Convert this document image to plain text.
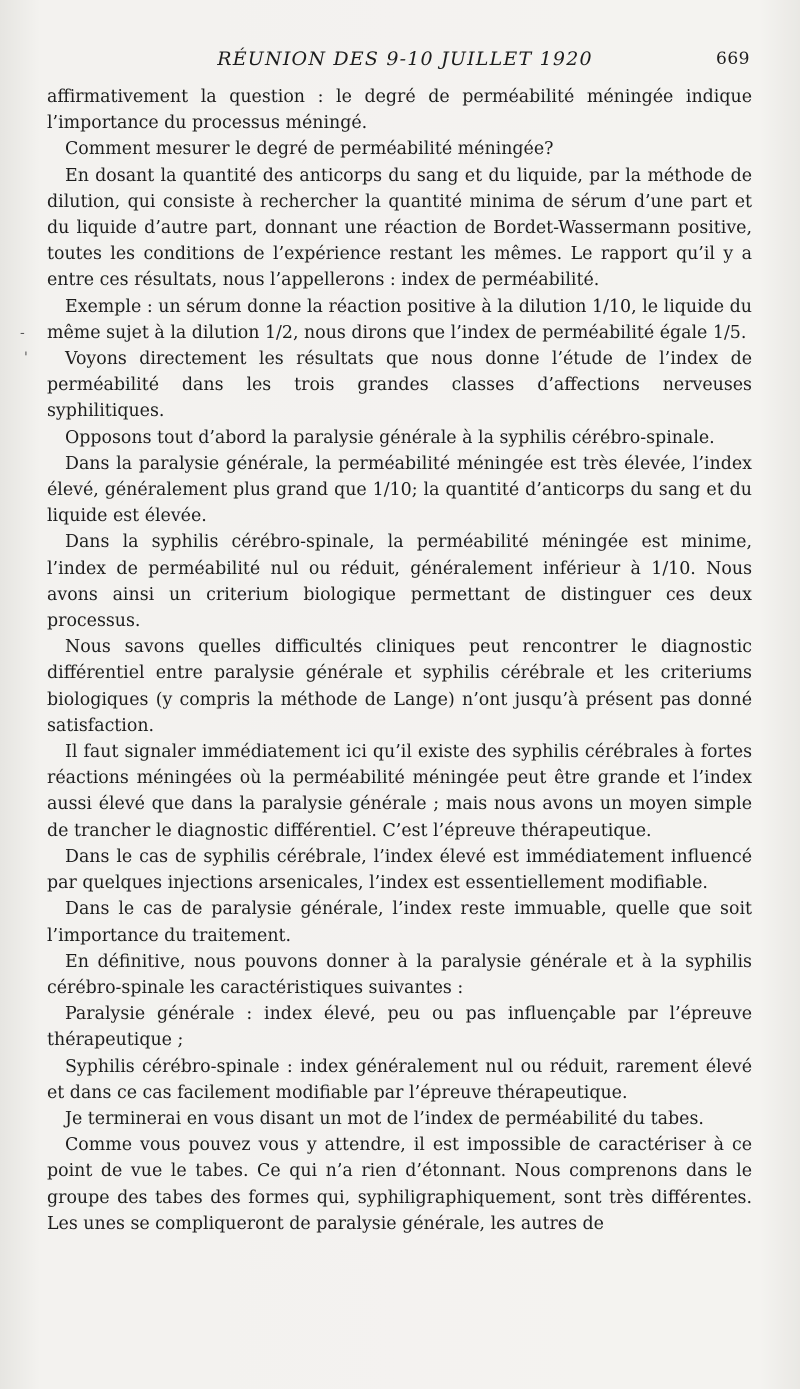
RÉUNION DES 9-10 JUILLET 1920	669

affirmativement la question : le degré de perméabilité méningée indique l’importance du processus méningé.

Comment mesurer le degré de perméabilité méningée?

En dosant la quantité des anticorps du sang et du liquide, par la méthode de dilution, qui consiste à rechercher la quantité minima de sérum d’une part et du liquide d’autre part, donnant une réaction de Bordet-Wassermann positive, toutes les conditions de l’expérience restant les mêmes. Le rapport qu’il y a entre ces résultats, nous l’appellerons : index de perméabilité.

Exemple : un sérum donne la réaction positive à la dilution 1/10, le liquide du même sujet à la dilution 1/2, nous dirons que l’index de perméabilité égale 1/5.

Voyons directement les résultats que nous donne l’étude de l’index de perméabilité dans les trois grandes classes d’affections nerveuses syphilitiques.

Opposons tout d’abord la paralysie générale à la syphilis cérébro-spinale.

Dans la paralysie générale, la perméabilité méningée est très élevée, l’index élevé, généralement plus grand que 1/10; la quantité d’anticorps du sang et du liquide est élevée.

Dans la syphilis cérébro-spinale, la perméabilité méningée est minime, l’index de perméabilité nul ou réduit, généralement inférieur à 1/10. Nous avons ainsi un criterium biologique permettant de distinguer ces deux processus.

Nous savons quelles difficultés cliniques peut rencontrer le diagnostic différentiel entre paralysie générale et syphilis cérébrale et les criteriums biologiques (y compris la méthode de Lange) n’ont jusqu’à présent pas donné satisfaction.

Il faut signaler immédiatement ici qu’il existe des syphilis cérébrales à fortes réactions méningées où la perméabilité méningée peut être grande et l’index aussi élevé que dans la paralysie générale ; mais nous avons un moyen simple de trancher le diagnostic différentiel. C’est l’épreuve thérapeutique.

Dans le cas de syphilis cérébrale, l’index élevé est immédiatement influencé par quelques injections arsenicales, l’index est essentiellement modifiable.

Dans le cas de paralysie générale, l’index reste immuable, quelle que soit l’importance du traitement.

En définitive, nous pouvons donner à la paralysie générale et à la syphilis cérébro-spinale les caractéristiques suivantes :

Paralysie générale : index élevé, peu ou pas influençable par l’épreuve thérapeutique ;

Syphilis cérébro-spinale : index généralement nul ou réduit, rarement élevé et dans ce cas facilement modifiable par l’épreuve thérapeutique.

Je terminerai en vous disant un mot de l’index de perméabilité du tabes.

Comme vous pouvez vous y attendre, il est impossible de caractériser à ce point de vue le tabes. Ce qui n’a rien d’étonnant. Nous comprenons dans le groupe des tabes des formes qui, syphiligraphiquement, sont très différentes. Les unes se compliqueront de paralysie générale, les autres de

-
'
